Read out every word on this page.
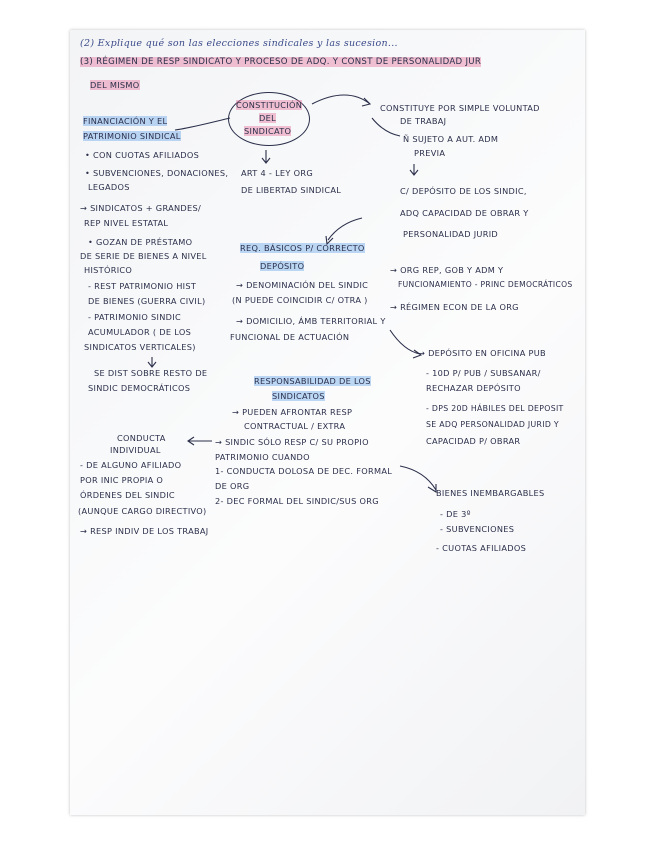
(2) Explique qué son las elecciones sindicales y las sucesion...
(3) RÉGIMEN DE RESP SINDICATO Y PROCESO DE ADQ. Y CONST DE PERSONALIDAD JUR
DEL MISMO
CONSTITUCIÓN
DEL
SINDICATO
ART 4 - LEY ORG
DE LIBERTAD SINDICAL
REQ. BÁSICOS P/ CORRECTO
DEPÓSITO
→ DENOMINACIÓN DEL SINDIC
(N PUEDE COINCIDIR C/ OTRA )
→ DOMICILIO, ÁMB TERRITORIAL Y
FUNCIONAL DE ACTUACIÓN
RESPONSABILIDAD DE LOS
SINDICATOS
→ PUEDEN AFRONTAR RESP
CONTRACTUAL / EXTRA
→ SINDIC SÓLO RESP C/ SU PROPIO
PATRIMONIO CUANDO
1- CONDUCTA DOLOSA DE DEC. FORMAL
DE ORG
2- DEC FORMAL DEL SINDIC/SUS ORG
FINANCIACIÓN Y EL
PATRIMONIO SINDICAL
• CON CUOTAS AFILIADOS
• SUBVENCIONES, DONACIONES,
LEGADOS
→ SINDICATOS + GRANDES/
REP NIVEL ESTATAL
• GOZAN DE PRÉSTAMO
DE SERIE DE BIENES A NIVEL
HISTÓRICO
- REST PATRIMONIO HIST
DE BIENES (GUERRA CIVIL)
- PATRIMONIO SINDIC
ACUMULADOR ( DE LOS
SINDICATOS VERTICALES)
SE DIST SOBRE RESTO DE
SINDIC DEMOCRÁTICOS
CONDUCTA
INDIVIDUAL
- DE ALGUNO AFILIADO
POR INIC PROPIA O
ÓRDENES DEL SINDIC
(AUNQUE CARGO DIRECTIVO)
→ RESP INDIV DE LOS TRABAJ
CONSTITUYE POR SIMPLE VOLUNTAD
DE TRABAJ
Ñ SUJETO A AUT. ADM
PREVIA
C/ DEPÓSITO DE LOS SINDIC,
ADQ CAPACIDAD DE OBRAR Y
PERSONALIDAD JURID
→ ORG REP, GOB Y ADM Y
FUNCIONAMIENTO - PRINC DEMOCRÁTICOS
→ RÉGIMEN ECON DE LA ORG
→ DEPÓSITO EN OFICINA PUB
- 10D P/ PUB / SUBSANAR/
RECHAZAR DEPÓSITO
- DPS 20D HÁBILES DEL DEPOSIT
SE ADQ PERSONALIDAD JURID Y
CAPACIDAD P/ OBRAR
BIENES INEMBARGABLES
- DE 3º
- SUBVENCIONES
- CUOTAS AFILIADOS
